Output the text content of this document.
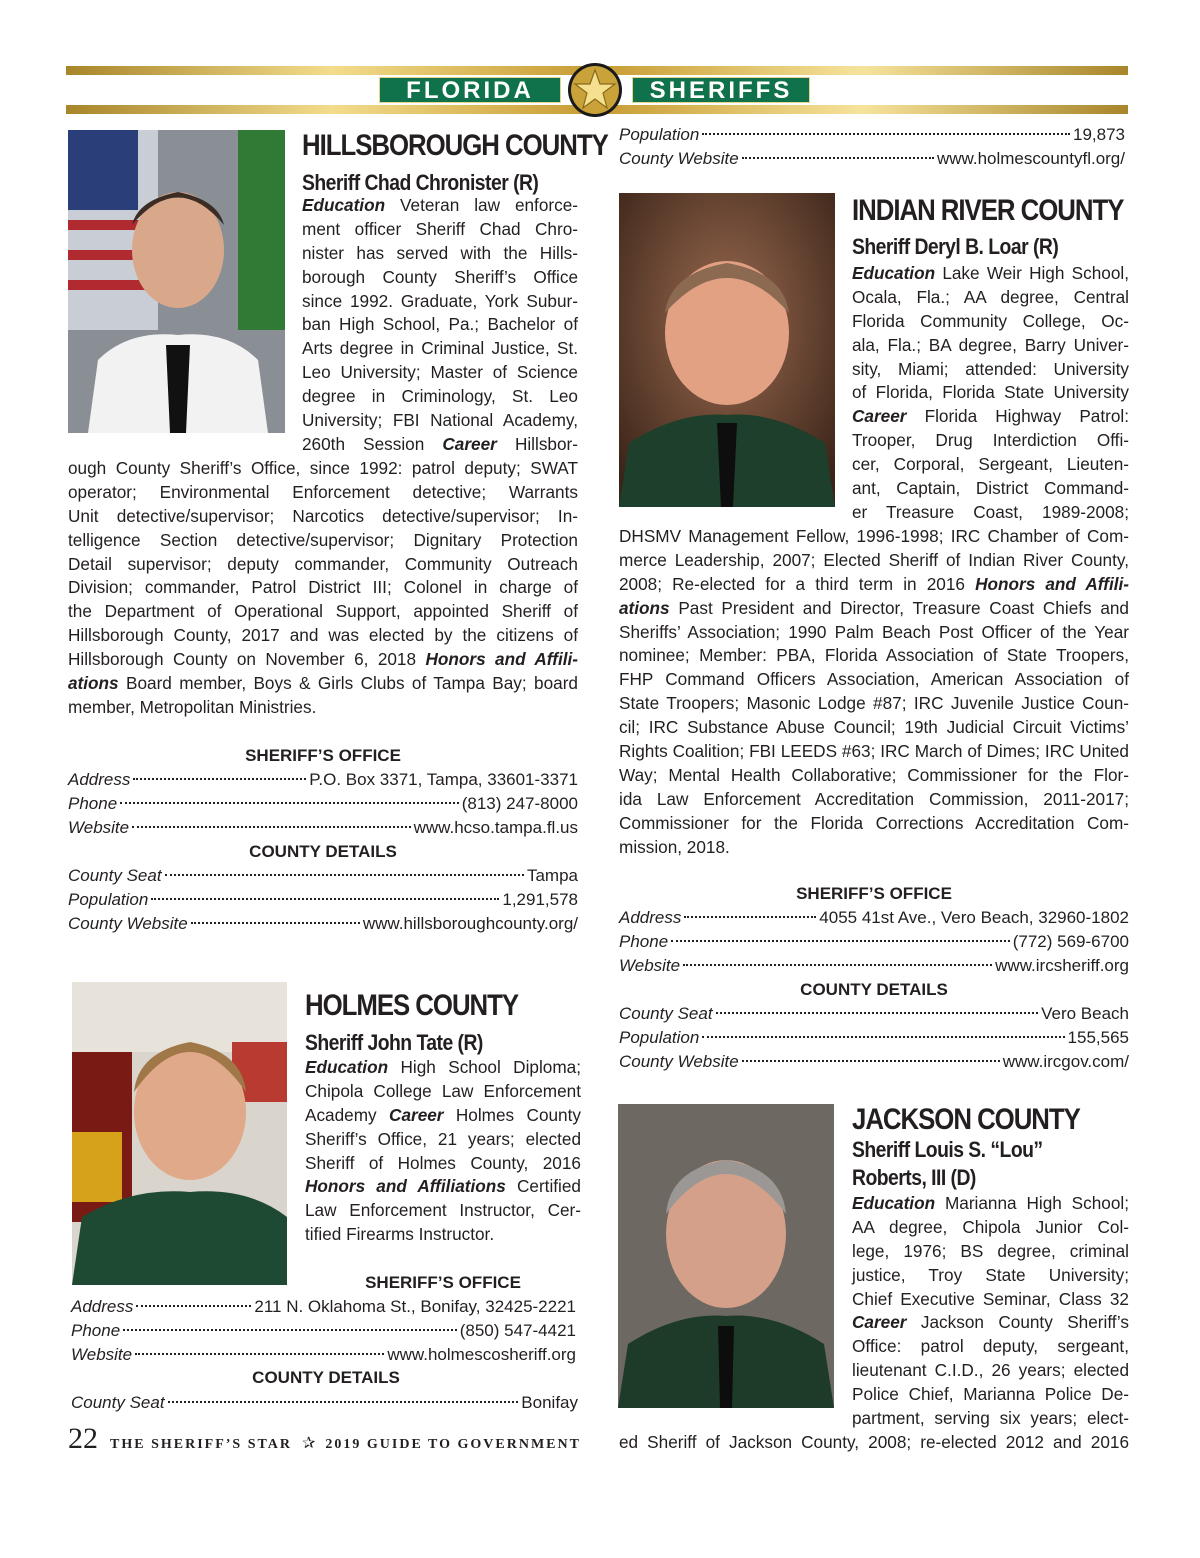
FLORIDA	SHERIFFS
HILLSBOROUGH COUNTY
Sheriff Chad Chronister (R)
Education Veteran law enforce-
ment officer Sheriff Chad Chro-
nister has served with the Hills-
borough County Sheriff’s Office
since 1992. Graduate, York Subur-
ban High School, Pa.; Bachelor of
Arts degree in Criminal Justice, St.
Leo University; Master of Science
degree in Criminology, St. Leo
University; FBI National Academy,
260th Session Career Hillsbor-
ough County Sheriff’s Office, since 1992: patrol deputy; SWAT
operator; Environmental Enforcement detective; Warrants
Unit detective/supervisor; Narcotics detective/supervisor; In-
telligence Section detective/supervisor; Dignitary Protection
Detail supervisor; deputy commander, Community Outreach
Division; commander, Patrol District III; Colonel in charge of
the Department of Operational Support, appointed Sheriff of
Hillsborough County, 2017 and was elected by the citizens of
Hillsborough County on November 6, 2018 Honors and Affili-
ations Board member, Boys & Girls Clubs of Tampa Bay; board
member, Metropolitan Ministries.
SHERIFF’S OFFICE
Address	P.O. Box 3371, Tampa, 33601-3371
Phone	(813) 247-8000
Website	www.hcso.tampa.fl.us
COUNTY DETAILS
County Seat	Tampa
Population	1,291,578
County Website	www.hillsboroughcounty.org/
HOLMES COUNTY
Sheriff John Tate (R)
Education High School Diploma;
Chipola College Law Enforcement
Academy Career Holmes County
Sheriff’s Office, 21 years; elected
Sheriff of Holmes County, 2016
Honors and Affiliations Certified
Law Enforcement Instructor, Cer-
tified Firearms Instructor.
SHERIFF’S OFFICE
Address	211 N. Oklahoma St., Bonifay, 32425-2221
Phone	(850) 547-4421
Website	www.holmescosheriff.org
COUNTY DETAILS
County Seat	Bonifay
Population	19,873
County Website	www.holmescountyfl.org/
INDIAN RIVER COUNTY
Sheriff Deryl B. Loar (R)
Education Lake Weir High School,
Ocala, Fla.; AA degree, Central
Florida Community College, Oc-
ala, Fla.; BA degree, Barry Univer-
sity, Miami; attended: University
of Florida, Florida State University
Career Florida Highway Patrol:
Trooper, Drug Interdiction Offi-
cer, Corporal, Sergeant, Lieuten-
ant, Captain, District Command-
er Treasure Coast, 1989-2008;
DHSMV Management Fellow, 1996-1998; IRC Chamber of Com-
merce Leadership, 2007; Elected Sheriff of Indian River County,
2008; Re-elected for a third term in 2016 Honors and Affili-
ations Past President and Director, Treasure Coast Chiefs and
Sheriffs’ Association; 1990 Palm Beach Post Officer of the Year
nominee; Member: PBA, Florida Association of State Troopers,
FHP Command Officers Association, American Association of
State Troopers; Masonic Lodge #87; IRC Juvenile Justice Coun-
cil; IRC Substance Abuse Council; 19th Judicial Circuit Victims’
Rights Coalition; FBI LEEDS #63; IRC March of Dimes; IRC United
Way; Mental Health Collaborative; Commissioner for the Flor-
ida Law Enforcement Accreditation Commission, 2011-2017;
Commissioner for the Florida Corrections Accreditation Com-
mission, 2018.
SHERIFF’S OFFICE
Address	4055 41st Ave., Vero Beach, 32960-1802
Phone	(772) 569-6700
Website	www.ircsheriff.org
COUNTY DETAILS
County Seat	Vero Beach
Population	155,565
County Website	www.ircgov.com/
JACKSON COUNTY
Sheriff Louis S. “Lou”
Roberts, III (D)
Education Marianna High School;
AA degree, Chipola Junior Col-
lege, 1976; BS degree, criminal
justice, Troy State University;
Chief Executive Seminar, Class 32
Career Jackson County Sheriff’s
Office: patrol deputy, sergeant,
lieutenant C.I.D., 26 years; elected
Police Chief, Marianna Police De-
partment, serving six years; elect-
ed Sheriff of Jackson County, 2008; re-elected 2012 and 2016
22 THE SHERIFF’S STAR ✰ 2019 GUIDE TO GOVERNMENT
